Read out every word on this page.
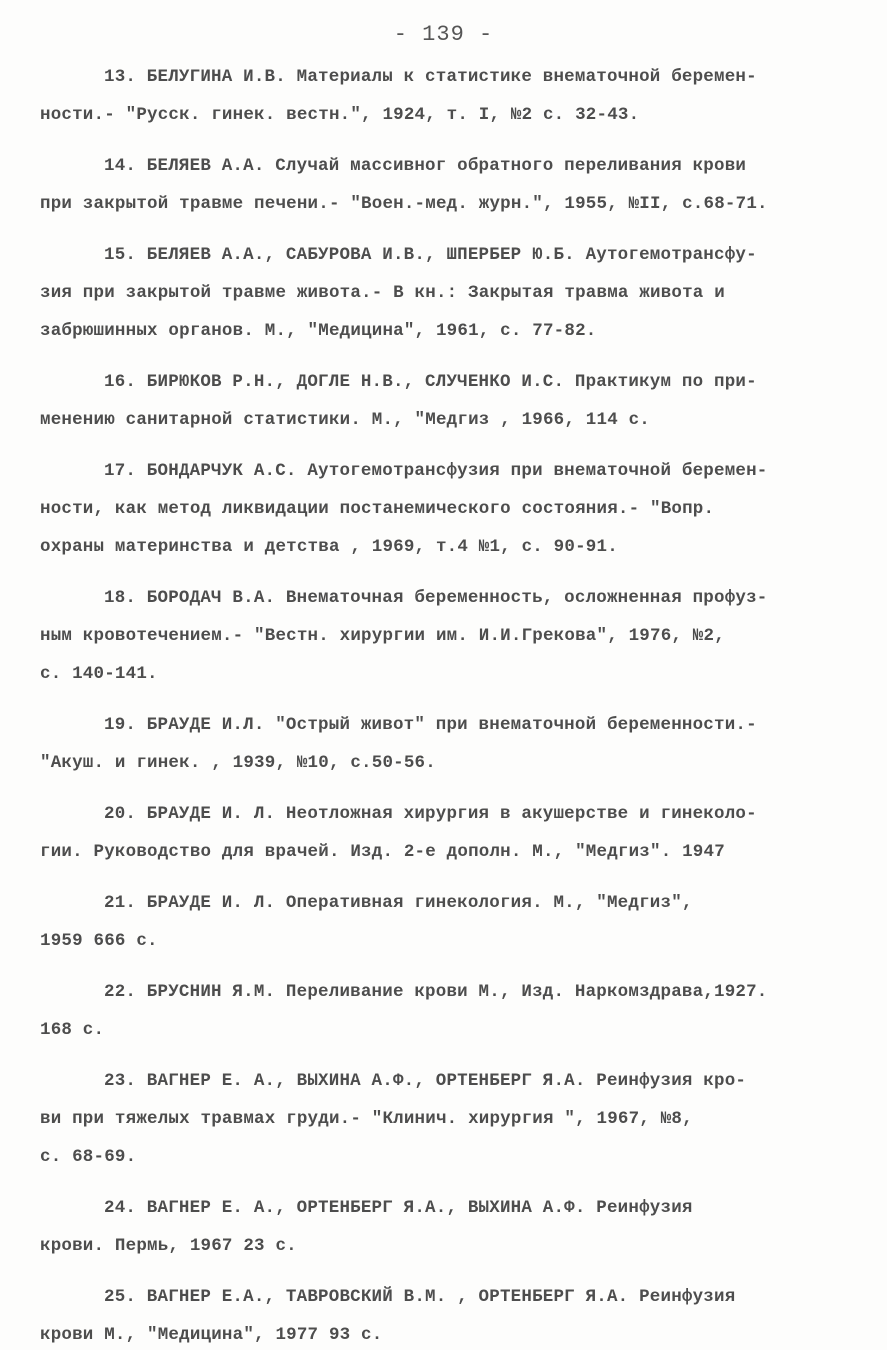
- 139 -
13. БЕЛУГИНА И.В. Материалы к статистике внематочной беремен-
ности.- "Русск. гинек. вестн.", 1924, т. I, №2 с. 32-43.
14. БЕЛЯЕВ А.А. Случай массивног обратного переливания крови
при закрытой травме печени.- "Воен.-мед. журн.", 1955, №II, с.68-71.
15. БЕЛЯЕВ А.А., САБУРОВА И.В., ШПЕРБЕР Ю.Б. Аутогемотрансфу-
зия при закрытой травме живота.- В кн.: Закрытая травма живота и
забрюшинных органов. М., "Медицина", 1961, с. 77-82.
16. БИРЮКОВ Р.Н., ДОГЛЕ Н.В., СЛУЧЕНКО И.С. Практикум по при-
менению санитарной статистики. М., "Медгиз , 1966, 114 с.
17. БОНДАРЧУК А.С. Аутогемотрансфузия при внематочной беремен-
ности, как метод ликвидации постанемического состояния.- "Вопр.
охраны материнства и детства , 1969, т.4 №1, с. 90-91.
18. БОРОДАЧ В.А. Внематочная беременность, осложненная профуз-
ным кровотечением.- "Вестн. хирургии им. И.И.Грекова", 1976, №2,
с. 140-141.
19. БРАУДЕ И.Л. "Острый живот" при внематочной беременности.-
"Акуш. и гинек. , 1939, №10, с.50-56.
20. БРАУДЕ И. Л. Неотложная хирургия в акушерстве и гинеколо-
гии. Руководство для врачей. Изд. 2-е дополн. М., "Медгиз". 1947
21. БРАУДЕ И. Л. Оперативная гинекология. М., "Медгиз",
1959 666 с.
22. БРУСНИН Я.М. Переливание крови М., Изд. Наркомздрава,1927.
168 с.
23. ВАГНЕР Е. А., ВЫХИНА А.Ф., ОРТЕНБЕРГ Я.А. Реинфузия кро-
ви при тяжелых травмах груди.- "Клинич. хирургия ", 1967, №8,
с. 68-69.
24. ВАГНЕР Е. А., ОРТЕНБЕРГ Я.А., ВЫХИНА А.Ф. Реинфузия
крови. Пермь, 1967 23 с.
25. ВАГНЕР Е.А., ТАВРОВСКИЙ В.М. , ОРТЕНБЕРГ Я.А. Реинфузия
крови М., "Медицина", 1977 93 с.
